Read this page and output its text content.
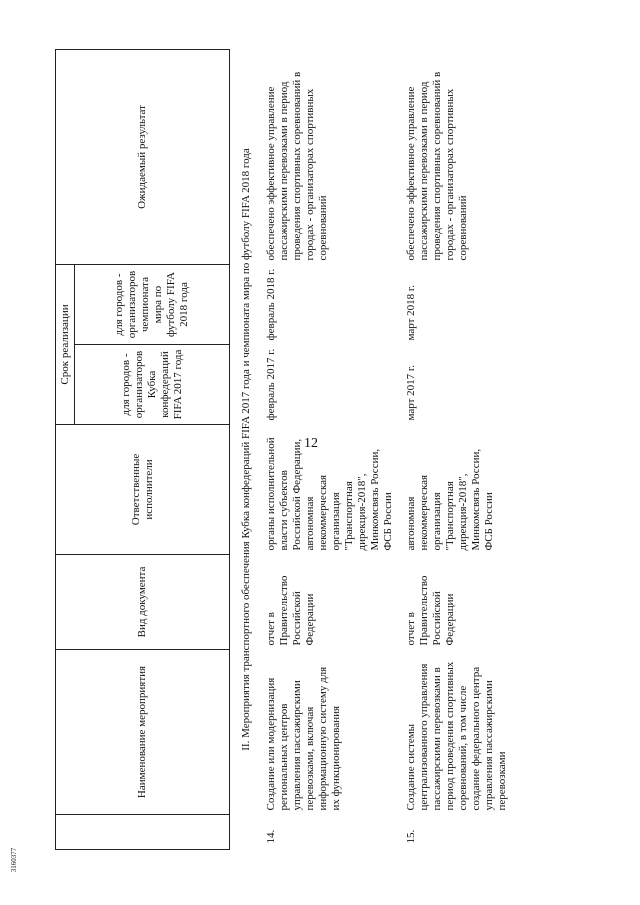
12
3160377
	Наименование мероприятия	Вид документа	Ответственные исполнители	Срок реализации		Ожидаемый результат
				для городов - организаторов Кубка конфедераций FIFA 2017 года	для городов - организаторов чемпионата мира по футболу FIFA 2018 года	
II. Мероприятия транспортного обеспечения Кубка конфедераций FIFA 2017 года и чемпионата мира по футболу FIFA 2018 года						
14.	Создание или модернизация региональных центров управления пассажирскими перевозками, включая информационную систему для их функционирования	отчет в Правительство Российской Федерации	органы исполнительной власти субъектов Российской Федерации, автономная некоммерческая организация "Транспортная дирекция-2018", Минкомсвязь России, ФСБ России	февраль 2017 г.	февраль 2018 г.	обеспечено эффективное управление пассажирскими перевозками в период проведения спортивных соревнований в городах - организаторах спортивных соревнований
15.	Создание системы централизованного управления пассажирскими перевозками в период проведения спортивных соревнований, в том числе создание федерального центра управления пассажирскими перевозками	отчет в Правительство Российской Федерации	автономная некоммерческая организация "Транспортная дирекция-2018", Минкомсвязь России, ФСБ России	март 2017 г.	март 2018 г.	обеспечено эффективное управление пассажирскими перевозками в период проведения спортивных соревнований в городах - организаторах спортивных соревнований
